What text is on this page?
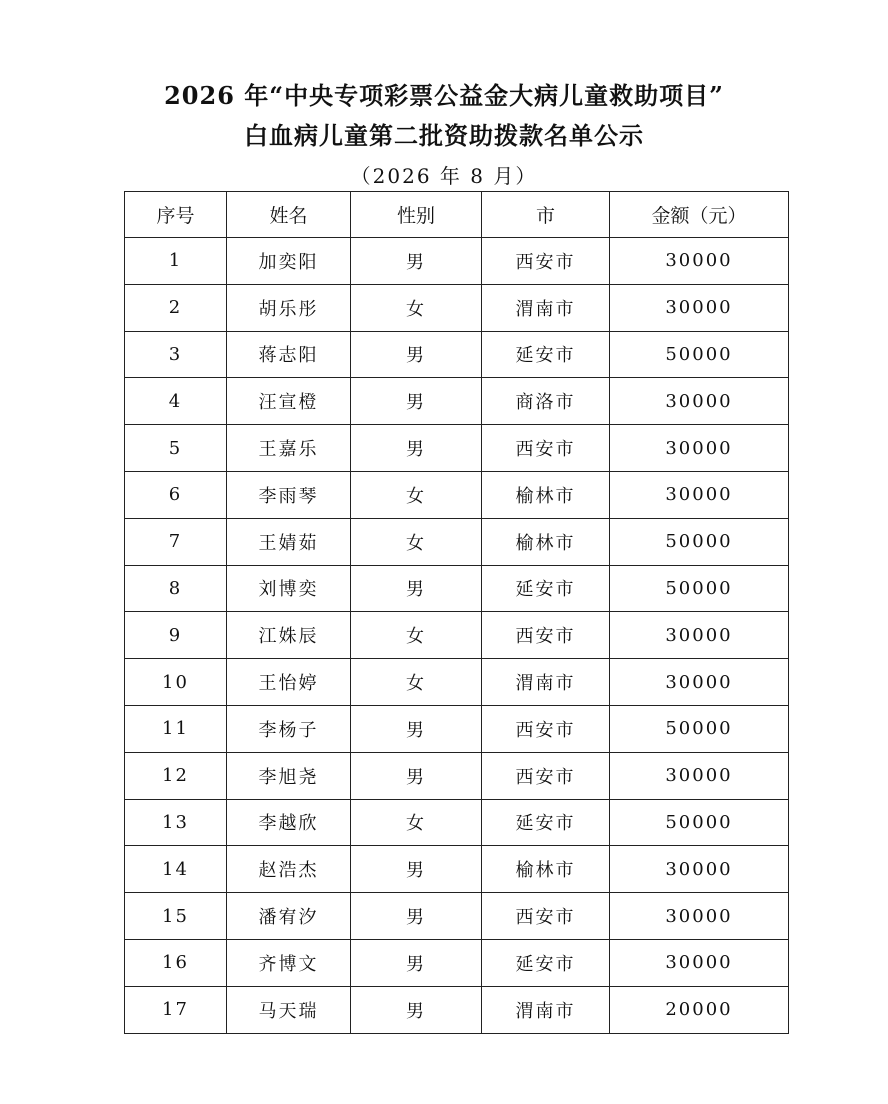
2026 年“中央专项彩票公益金大病儿童救助项目”
白血病儿童第二批资助拨款名单公示
（2026 年 8 月）
序号	姓名	性别	市	金额（元）
1	加奕阳	男	西安市	30000
2	胡乐彤	女	渭南市	30000
3	蒋志阳	男	延安市	50000
4	汪宣橙	男	商洛市	30000
5	王嘉乐	男	西安市	30000
6	李雨琴	女	榆林市	30000
7	王婧茹	女	榆林市	50000
8	刘博奕	男	延安市	50000
9	江姝辰	女	西安市	30000
10	王怡婷	女	渭南市	30000
11	李杨子	男	西安市	50000
12	李旭尧	男	西安市	30000
13	李越欣	女	延安市	50000
14	赵浩杰	男	榆林市	30000
15	潘宥汐	男	西安市	30000
16	齐博文	男	延安市	30000
17	马天瑞	男	渭南市	20000
